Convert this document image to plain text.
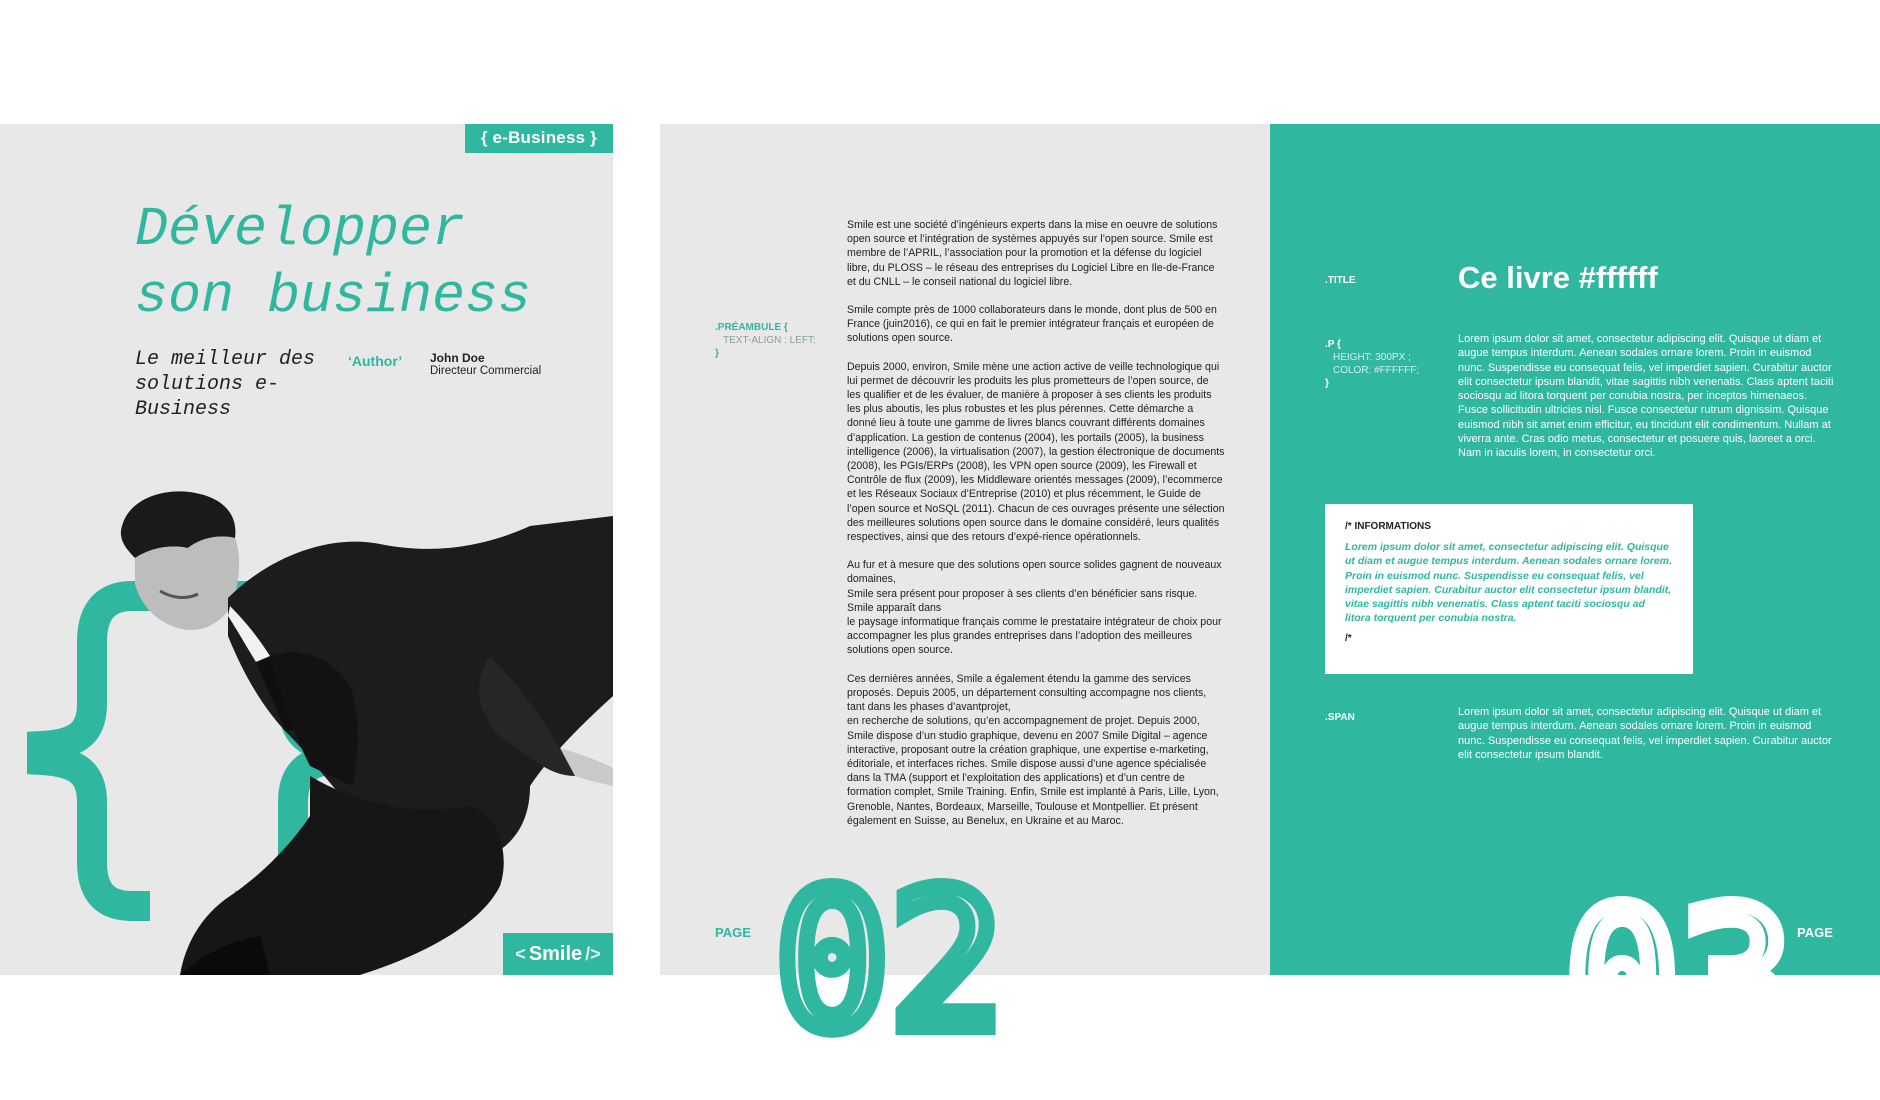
{ e-Business }
Développer son business
Le meilleur des solutions e-Business
‘Author’ John Doe
Directeur Commercial
< Smile />
.PRÉAMBULE {
TEXT-ALIGN : LEFT;
}

Smile est une société d’ingénieurs experts dans la mise en oeuvre de solutions open source et l’intégration de systèmes appuyés sur l’open source. Smile est membre de l’APRIL, l’association pour la promotion et la défense du logiciel libre, du PLOSS – le réseau des entreprises du Logiciel Libre en Ile-de-France et du CNLL – le conseil national du logiciel libre.

Smile compte près de 1000 collaborateurs dans le monde, dont plus de 500 en France (juin2016), ce qui en fait le premier intégrateur français et européen de solutions open source.

Depuis 2000, environ, Smile mène une action active de veille technologique qui lui permet de découvrir les produits les plus prometteurs de l’open source, de les qualifier et de les évaluer, de manière à proposer à ses clients les produits les plus aboutis, les plus robustes et les plus pérennes. Cette démarche a donné lieu à toute une gamme de livres blancs couvrant différents domaines d’application. La gestion de contenus (2004), les portails (2005), la business intelligence (2006), la virtualisation (2007), la gestion électronique de documents (2008), les PGIs/ERPs (2008), les VPN open source (2009), les Firewall et Contrôle de flux (2009), les Middleware orientés messages (2009), l’ecommerce et les Réseaux Sociaux d’Entreprise (2010) et plus récemment, le Guide de l’open source et NoSQL (2011). Chacun de ces ouvrages présente une sélection des meilleures solutions open source dans le domaine considéré, leurs qualités respectives, ainsi que des retours d’expé-rience opérationnels.

Au fur et à mesure que des solutions open source solides gagnent de nouveaux domaines,
Smile sera présent pour proposer à ses clients d’en bénéficier sans risque. Smile apparaît dans
le paysage informatique français comme le prestataire intégrateur de choix pour accompagner les plus grandes entreprises dans l’adoption des meilleures solutions open source.

Ces dernières années, Smile a également étendu la gamme des services proposés. Depuis 2005, un département consulting accompagne nos clients, tant dans les phases d’avantprojet,
en recherche de solutions, qu’en accompagnement de projet. Depuis 2000, Smile dispose d’un studio graphique, devenu en 2007 Smile Digital – agence interactive, proposant outre la création graphique, une expertise e-marketing, éditoriale, et interfaces riches. Smile dispose aussi d’une agence spécialisée dans la TMA (support et l’exploitation des applications) et d’un centre de formation complet, Smile Training. Enfin, Smile est implanté à Paris, Lille, Lyon, Grenoble, Nantes, Bordeaux, Marseille, Toulouse et Montpellier. Et présent également en Suisse, au Benelux, en Ukraine et au Maroc.

PAGE 02
.TITLE	Ce livre #ffffff
.P {
HEIGHT: 300PX ;
COLOR: #FFFFFF;
}

Lorem ipsum dolor sit amet, consectetur adipiscing elit. Quisque ut diam et augue tempus interdum. Aenean sodales ornare lorem. Proin in euismod nunc. Suspendisse eu consequat felis, vel imperdiet sapien. Curabitur auctor elit consectetur ipsum blandit, vitae sagittis nibh venenatis. Class aptent taciti sociosqu ad litora torquent per conubia nostra, per inceptos himenaeos. Fusce sollicitudin ultricies nisl. Fusce consectetur rutrum dignissim. Quisque euismod nibh sit amet enim efficitur, eu tincidunt elit condimentum. Nullam at viverra ante. Cras odio metus, consectetur et posuere quis, laoreet a orci. Nam in iaculis lorem, in consectetur orci.

/* INFORMATIONS
Lorem ipsum dolor sit amet, consectetur adipiscing elit. Quisque ut diam et augue tempus interdum. Aenean sodales ornare lorem.
Proin in euismod nunc. Suspendisse eu consequat felis, vel imperdiet sapien. Curabitur auctor elit consectetur ipsum blandit, vitae sagittis nibh venenatis. Class aptent taciti sociosqu ad litora torquent per conubia nostra.
/*
.SPAN	Lorem ipsum dolor sit amet, consectetur adipiscing elit. Quisque ut diam et augue tempus interdum. Aenean sodales ornare lorem. Proin in euismod nunc. Suspendisse eu consequat felis, vel imperdiet sapien. Curabitur auctor elit consectetur ipsum blandit.

03 PAGE
